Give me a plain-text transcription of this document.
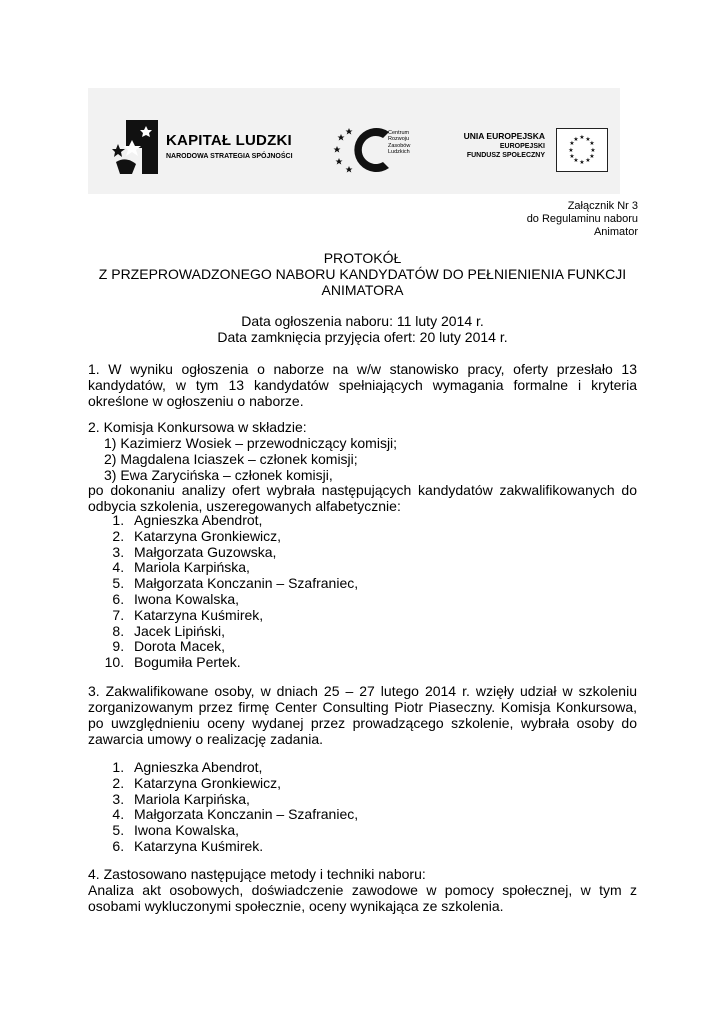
KAPITAŁ LUDZKI
NARODOWA STRATEGIA SPÓJNOŚCI
Centrum
Rozwoju
Zasobów
Ludzkich
UNIA EUROPEJSKA
EUROPEJSKI
FUNDUSZ SPOŁECZNY
★ ★
★
★
★
★
★
★
★
★
★
★
Załącznik Nr 3
do Regulaminu naboru
Animator
PROTOKÓŁ
Z PRZEPROWADZONEGO NABORU KANDYDATÓW DO PEŁNIENIENIA FUNKCJI
ANIMATORA
Data ogłoszenia naboru: 11 luty 2014 r.
Data zamknięcia przyjęcia ofert: 20 luty 2014 r.
1. W wyniku ogłoszenia o naborze na w/w stanowisko pracy, oferty przesłało 13 kandydatów, w tym 13 kandydatów spełniających wymagania formalne i kryteria określone w ogłoszeniu o naborze.
2. Komisja Konkursowa w składzie:
1) Kazimierz Wosiek – przewodniczący komisji;
2) Magdalena Iciaszek – członek komisji;
3) Ewa Zarycińska – członek komisji,
po dokonaniu analizy ofert wybrała następujących kandydatów zakwalifikowanych do odbycia szkolenia, uszeregowanych alfabetycznie:
1. Agnieszka Abendrot,
2. Katarzyna Gronkiewicz,
3. Małgorzata Guzowska,
4. Mariola Karpińska,
5. Małgorzata Konczanin – Szafraniec,
6. Iwona Kowalska,
7. Katarzyna Kuśmirek,
8. Jacek Lipiński,
9. Dorota Macek,
10. Bogumiła Pertek.
3. Zakwalifikowane osoby, w dniach 25 – 27 lutego 2014 r. wzięły udział w szkoleniu zorganizowanym przez firmę Center Consulting Piotr Piaseczny. Komisja Konkursowa, po uwzględnieniu oceny wydanej przez prowadzącego szkolenie, wybrała osoby do zawarcia umowy o realizację zadania.
1. Agnieszka Abendrot,
2. Katarzyna Gronkiewicz,
3. Mariola Karpińska,
4. Małgorzata Konczanin – Szafraniec,
5. Iwona Kowalska,
6. Katarzyna Kuśmirek.
4. Zastosowano następujące metody i techniki naboru:
Analiza akt osobowych, doświadczenie zawodowe w pomocy społecznej, w tym z osobami wykluczonymi społecznie, oceny wynikająca ze szkolenia.
